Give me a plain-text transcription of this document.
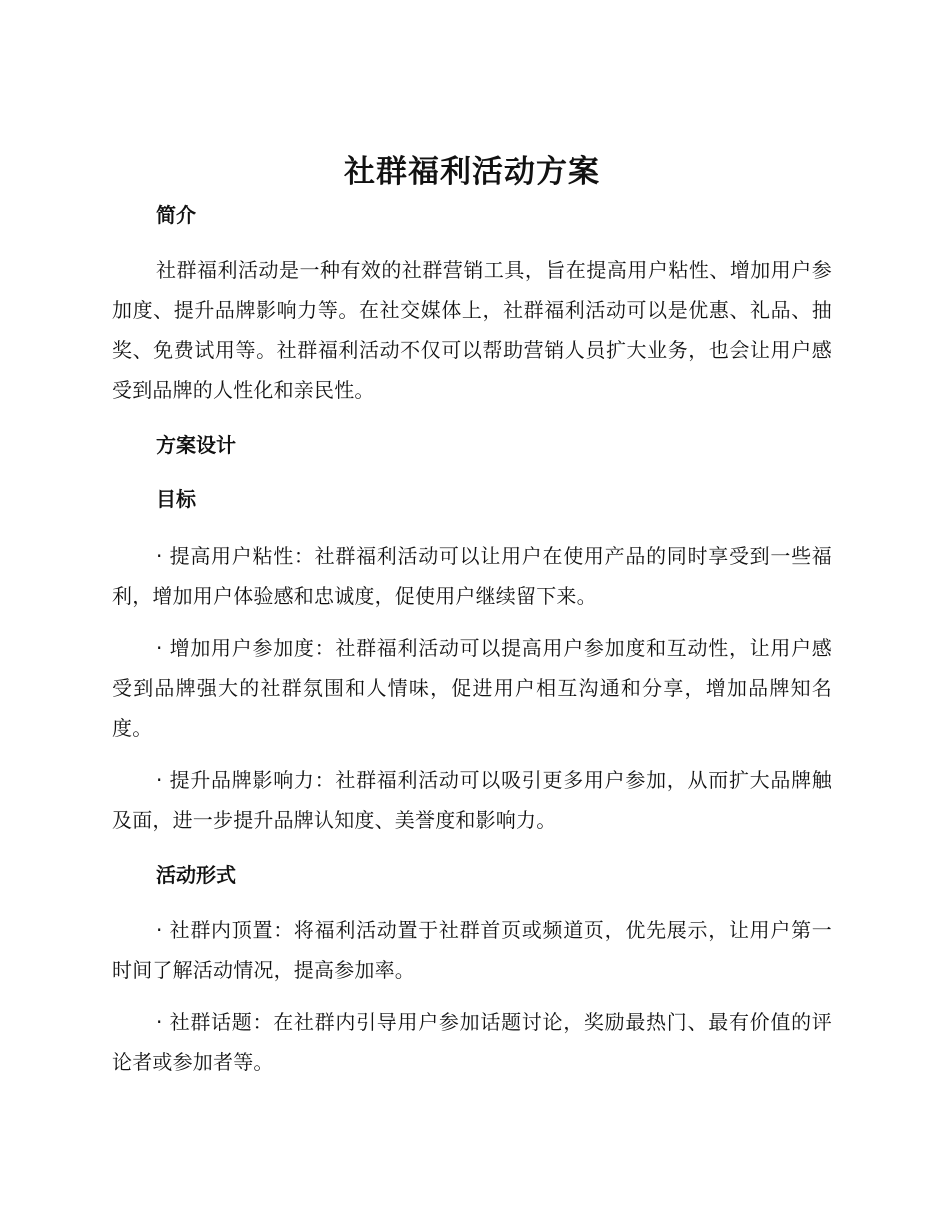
社群福利活动方案
简介

社群福利活动是一种有效的社群营销工具，旨在提高用户粘性、增加用户参加度、提升品牌影响力等。在社交媒体上，社群福利活动可以是优惠、礼品、抽奖、免费试用等。社群福利活动不仅可以帮助营销人员扩大业务，也会让用户感受到品牌的人性化和亲民性。

方案设计
目标

· 提高用户粘性：社群福利活动可以让用户在使用产品的同时享受到一些福利，增加用户体验感和忠诚度，促使用户继续留下来。

· 增加用户参加度：社群福利活动可以提高用户参加度和互动性，让用户感受到品牌强大的社群氛围和人情味，促进用户相互沟通和分享，增加品牌知名度。

· 提升品牌影响力：社群福利活动可以吸引更多用户参加，从而扩大品牌触及面，进一步提升品牌认知度、美誉度和影响力。

活动形式

· 社群内顶置：将福利活动置于社群首页或频道页，优先展示，让用户第一时间了解活动情况，提高参加率。

· 社群话题：在社群内引导用户参加话题讨论，奖励最热门、最有价值的评论者或参加者等。
